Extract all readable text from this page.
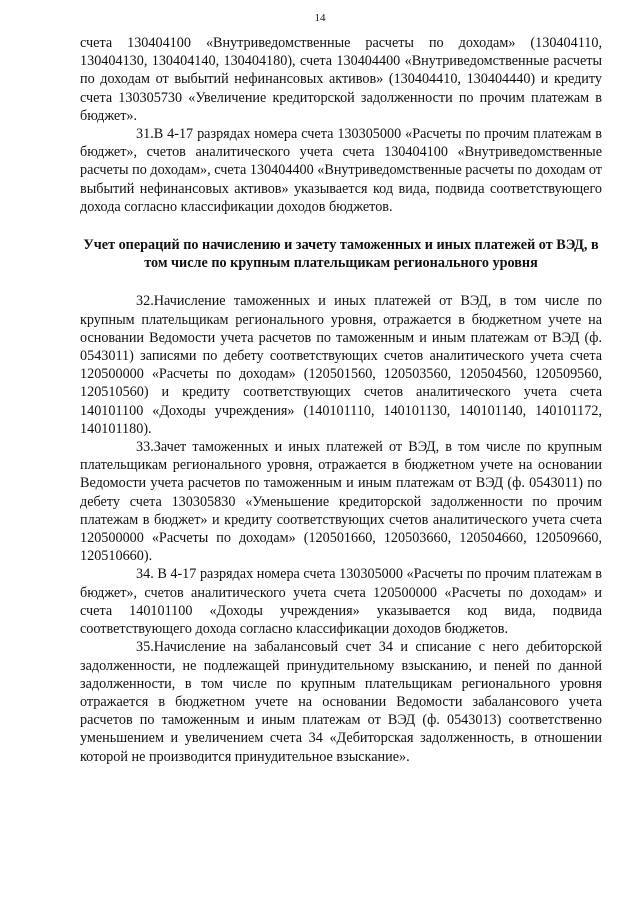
14

счета 130404100 «Внутриведомственные расчеты по доходам» (130404110, 130404130, 130404140, 130404180), счета 130404400 «Внутриведомственные расчеты по доходам от выбытий нефинансовых активов» (130404410, 130404440) и кредиту счета 130305730 «Увеличение кредиторской задолженности по прочим платежам в бюджет».

31.В 4-17 разрядах номера счета 130305000 «Расчеты по прочим платежам в бюджет», счетов аналитического учета счета 130404100 «Внутриведомственные расчеты по доходам», счета 130404400 «Внутриведомственные расчеты по доходам от выбытий нефинансовых активов» указывается код вида, подвида соответствующего дохода согласно классификации доходов бюджетов.

Учет операций по начислению и зачету таможенных и иных платежей от ВЭД, в том числе по крупным плательщикам регионального уровня

32.Начисление таможенных и иных платежей от ВЭД, в том числе по крупным плательщикам регионального уровня, отражается в бюджетном учете на основании Ведомости учета расчетов по таможенным и иным платежам от ВЭД (ф. 0543011) записями по дебету соответствующих счетов аналитического учета счета 120500000 «Расчеты по доходам» (120501560, 120503560, 120504560, 120509560, 120510560) и кредиту соответствующих счетов аналитического учета счета 140101100 «Доходы учреждения» (140101110, 140101130, 140101140, 140101172, 140101180).

33.Зачет таможенных и иных платежей от ВЭД, в том числе по крупным плательщикам регионального уровня, отражается в бюджетном учете на основании Ведомости учета расчетов по таможенным и иным платежам от ВЭД (ф. 0543011) по дебету счета 130305830 «Уменьшение кредиторской задолженности по прочим платежам в бюджет» и кредиту соответствующих счетов аналитического учета счета 120500000 «Расчеты по доходам» (120501660, 120503660, 120504660, 120509660, 120510660).

34. В 4-17 разрядах номера счета 130305000 «Расчеты по прочим платежам в бюджет», счетов аналитического учета счета 120500000 «Расчеты по доходам» и счета 140101100 «Доходы учреждения» указывается код вида, подвида соответствующего дохода согласно классификации доходов бюджетов.

35.Начисление на забалансовый счет 34 и списание с него дебиторской задолженности, не подлежащей принудительному взысканию, и пеней по данной задолженности, в том числе по крупным плательщикам регионального уровня отражается в бюджетном учете на основании Ведомости забалансового учета расчетов по таможенным и иным платежам от ВЭД (ф. 0543013) соответственно уменьшением и увеличением счета 34 «Дебиторская задолженность, в отношении которой не производится принудительное взыскание».
